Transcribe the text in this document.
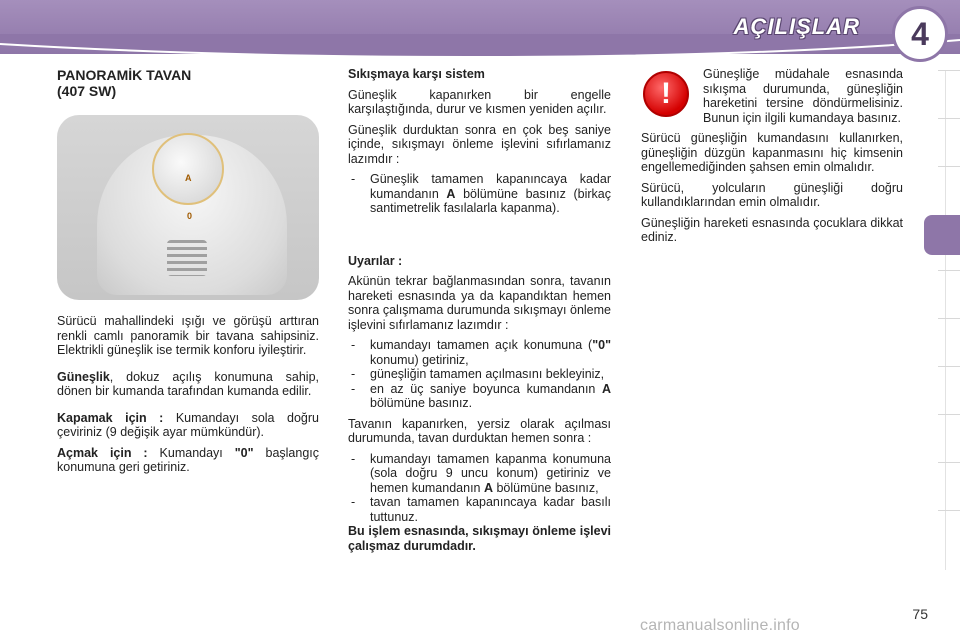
AÇILIŞLAR 4
PANORAMİK TAVAN
(407 SW)
A
0

Sürücü mahallindeki ışığı ve görüşü arttıran renkli camlı panoramik bir tavana sahipsiniz. Elektrikli güneşlik ise termik konforu iyileştirir.

Güneşlik, dokuz açılış konumuna sahip, dönen bir kumanda tarafından kumanda edilir.

Kapamak için : Kumandayı sola doğru çeviriniz (9 değişik ayar mümkündür).

Açmak için : Kumandayı "0" başlangıç konumuna geri getiriniz.

Sıkışmaya karşı sistem

Güneşlik kapanırken bir engelle karşılaştığında, durur ve kısmen yeniden açılır.

Güneşlik durduktan sonra en çok beş saniye içinde, sıkışmayı önleme işlevini sıfırlamanız lazımdır :

- Güneşlik tamamen kapanıncaya kadar kumandanın A bölümüne basınız (birkaç santimetrelik fasılalarla kapanma).

Uyarılar :

Akünün tekrar bağlanmasından sonra, tavanın hareketi esnasında ya da kapandıktan hemen sonra çalışmama durumunda sıkışmayı önleme işlevini sıfırlamanız lazımdır :

- kumandayı tamamen açık konumuna ("0" konumu) getiriniz,
- güneşliğin tamamen açılmasını bekleyiniz,
- en az üç saniye boyunca kumandanın A bölümüne basınız.

Tavanın kapanırken, yersiz olarak açılması durumunda, tavan durduktan hemen sonra :

- kumandayı tamamen kapanma konumuna (sola doğru 9 uncu konum) getiriniz ve hemen kumandanın A bölümüne basınız,
- tavan tamamen kapanıncaya kadar basılı tuttunuz.

Bu işlem esnasında, sıkışmayı önleme işlevi çalışmaz durumdadır.

!

Güneşliğe müdahale esnasında sıkışma durumunda, güneşliğin hareketini tersine döndürmelisiniz. Bunun için ilgili kumandaya basınız.

Sürücü güneşliğin kumandasını kullanırken, güneşliğin düzgün kapanmasını hiç kimsenin engellemediğinden şahsen emin olmalıdır.

Sürücü, yolcuların güneşliği doğru kullandıklarından emin olmalıdır.

Güneşliğin hareketi esnasında çocuklara dikkat ediniz.

75
carmanualsonline.info
